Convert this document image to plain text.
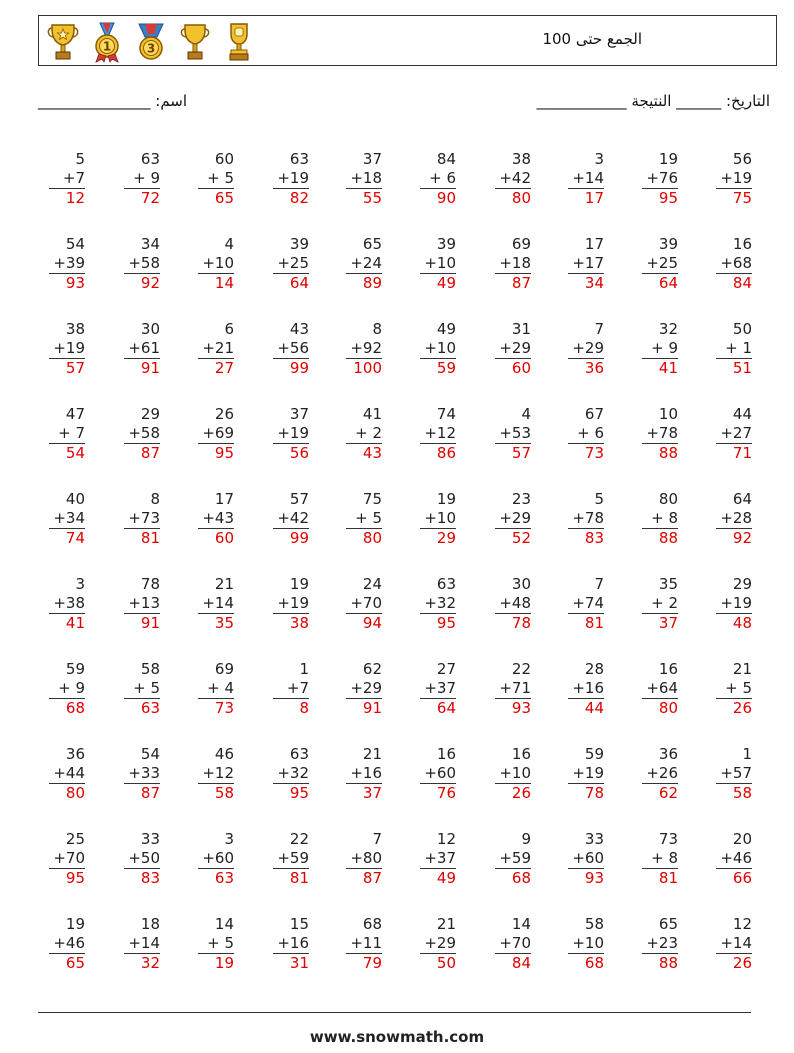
1	3
الجمع حتى 100
اسم: _______________	التاريخ: ______ النتيجة ____________
5
+7
12
63
+ 9
72
60
+ 5
65
63
+19
82
37
+18
55
84
+ 6
90
38
+42
80
3
+14
17
19
+76
95
56
+19
75
54
+39
93
34
+58
92
4
+10
14
39
+25
64
65
+24
89
39
+10
49
69
+18
87
17
+17
34
39
+25
64
16
+68
84
38
+19
57
30
+61
91
6
+21
27
43
+56
99
8
+92
100
49
+10
59
31
+29
60
7
+29
36
32
+ 9
41
50
+ 1
51
47
+ 7
54
29
+58
87
26
+69
95
37
+19
56
41
+ 2
43
74
+12
86
4
+53
57
67
+ 6
73
10
+78
88
44
+27
71
40
+34
74
8
+73
81
17
+43
60
57
+42
99
75
+ 5
80
19
+10
29
23
+29
52
5
+78
83
80
+ 8
88
64
+28
92
3
+38
41
78
+13
91
21
+14
35
19
+19
38
24
+70
94
63
+32
95
30
+48
78
7
+74
81
35
+ 2
37
29
+19
48
59
+ 9
68
58
+ 5
63
69
+ 4
73
1
+7
8
62
+29
91
27
+37
64
22
+71
93
28
+16
44
16
+64
80
21
+ 5
26
36
+44
80
54
+33
87
46
+12
58
63
+32
95
21
+16
37
16
+60
76
16
+10
26
59
+19
78
36
+26
62
1
+57
58
25
+70
95
33
+50
83
3
+60
63
22
+59
81
7
+80
87
12
+37
49
9
+59
68
33
+60
93
73
+ 8
81
20
+46
66
19
+46
65
18
+14
32
14
+ 5
19
15
+16
31
68
+11
79
21
+29
50
14
+70
84
58
+10
68
65
+23
88
12
+14
26
www.snowmath.com
